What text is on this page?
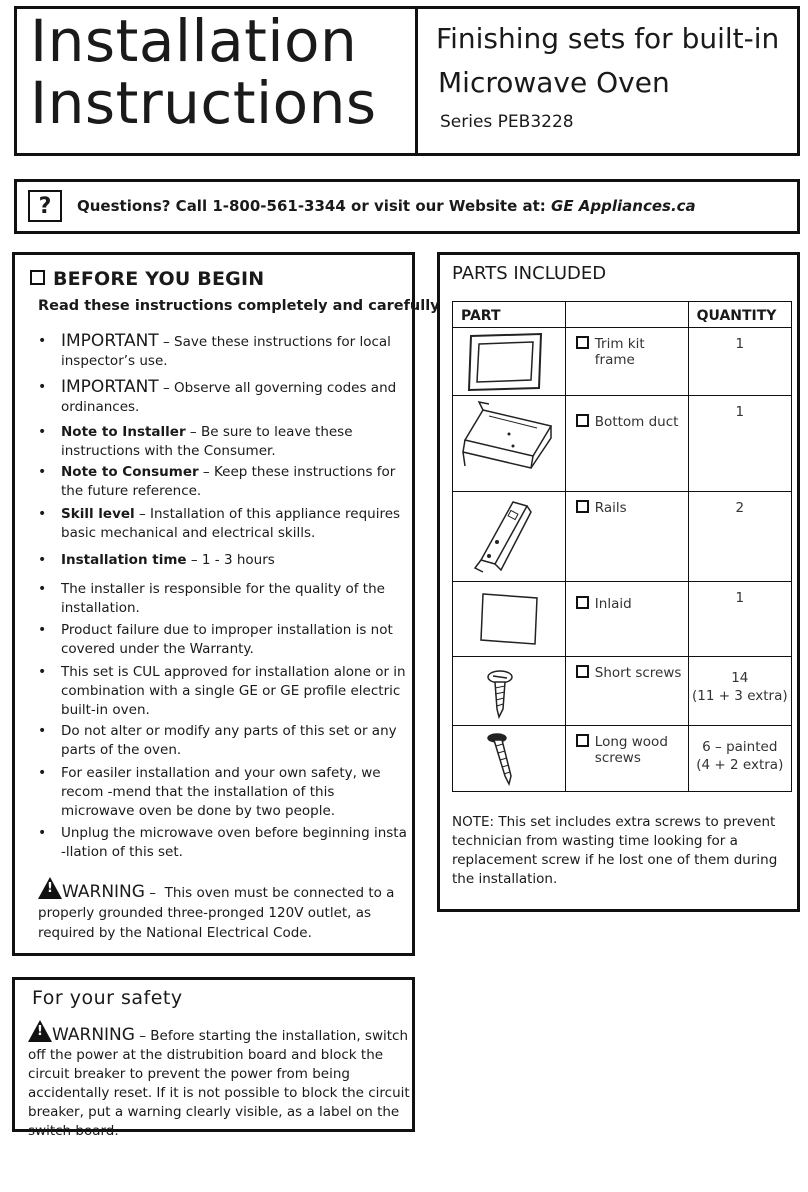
Installation
Instructions
Finishing sets for built-in
Microwave Oven
Series PEB3228
?	Questions? Call 1-800-561-3344 or visit our Website at: GE Appliances.ca
BEFORE YOU BEGIN
Read these instructions completely and carefully
• IMPORTANT – Save these instructions for local inspector’s use.
• IMPORTANT – Observe all governing codes and ordinances.
• Note to Installer – Be sure to leave these instructions with the Consumer.
• Note to Consumer – Keep these instructions for the future reference.
• Skill level – Installation of this appliance requires basic mechanical and electrical skills.
• Installation time – 1 - 3 hours
• The installer is responsible for the quality of the installation.
• Product failure due to improper installation is not covered under the Warranty.
• This set is CUL approved for installation alone or in combination with a single GE or GE profile electric built-in oven.
• Do not alter or modify any parts of this set or any parts of the oven.
• For easiler installation and your own safety, we recom -mend that the installation of this microwave oven be done by two people.
• Unplug the microwave oven before beginning insta -llation of this set.
! WARNING –  This oven must be connected to a properly grounded three-pronged 120V outlet, as required by the National Electrical Code.
For your safety
! WARNING – Before starting the installation, switch off the power at the distrubition board and block the circuit breaker to prevent the power from being accidentally reset. If it is not possible to block the circuit breaker, put a warning clearly visible, as a label on the switch board.
PARTS INCLUDED
PART		QUANTITY

Trim kit frame	1

Bottom duct	1

Rails	2

Inlaid	1

Short screws	14
(11 + 3 extra)

Long wood screws	6 – painted
(4 + 2 extra)
NOTE: This set includes extra screws to prevent technician from wasting time looking for a replacement screw if he lost one of them during the installation.
